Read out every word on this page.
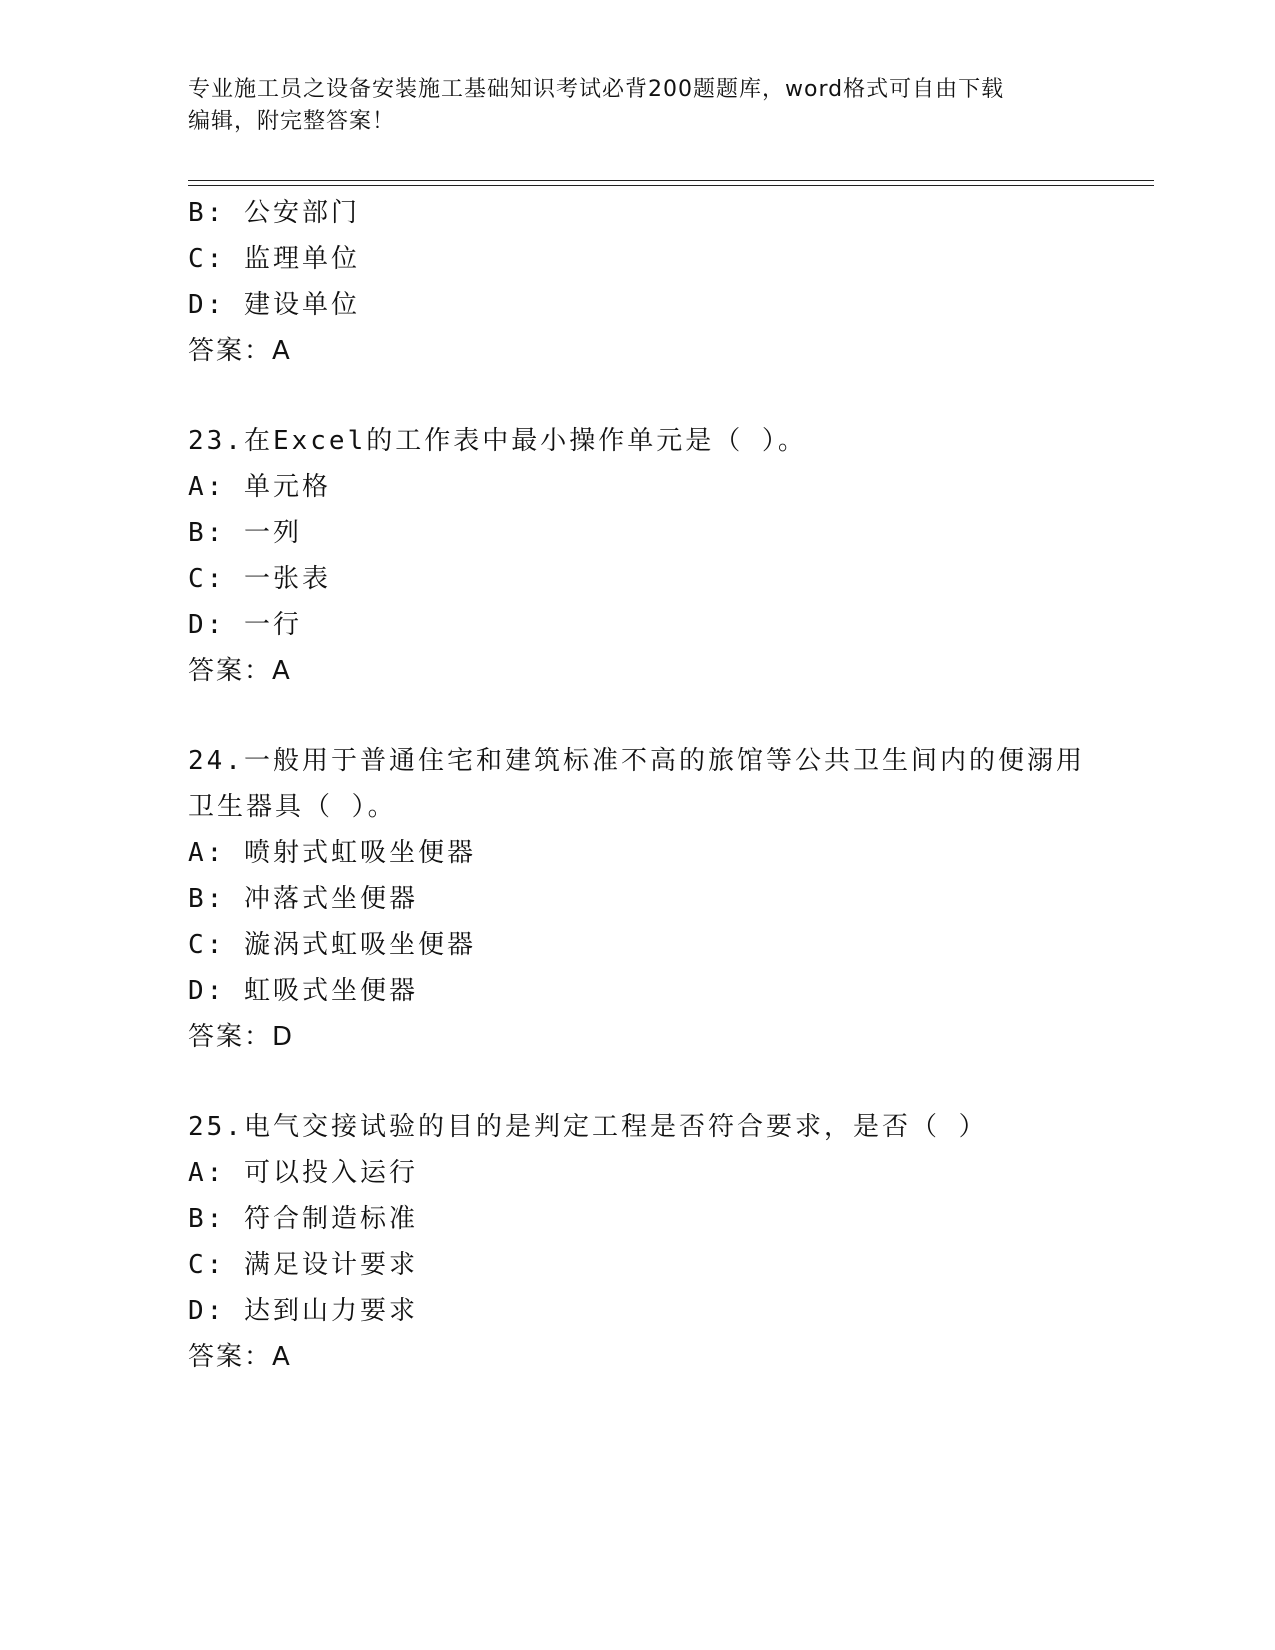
专业施工员之设备安装施工基础知识考试必背200题题库，word格式可自由下载
编辑，附完整答案！
B: 公安部门
C: 监理单位
D: 建设单位
答案：A
23.在Excel的工作表中最小操作单元是（ ）。
A: 单元格
B: 一列
C: 一张表
D: 一行
答案：A
24.一般用于普通住宅和建筑标准不高的旅馆等公共卫生间内的便溺用
卫生器具（ ）。
A: 喷射式虹吸坐便器
B: 冲落式坐便器
C: 漩涡式虹吸坐便器
D: 虹吸式坐便器
答案：D
25.电气交接试验的目的是判定工程是否符合要求，是否（ ）
A: 可以投入运行
B: 符合制造标准
C: 满足设计要求
D: 达到山力要求
答案：A
